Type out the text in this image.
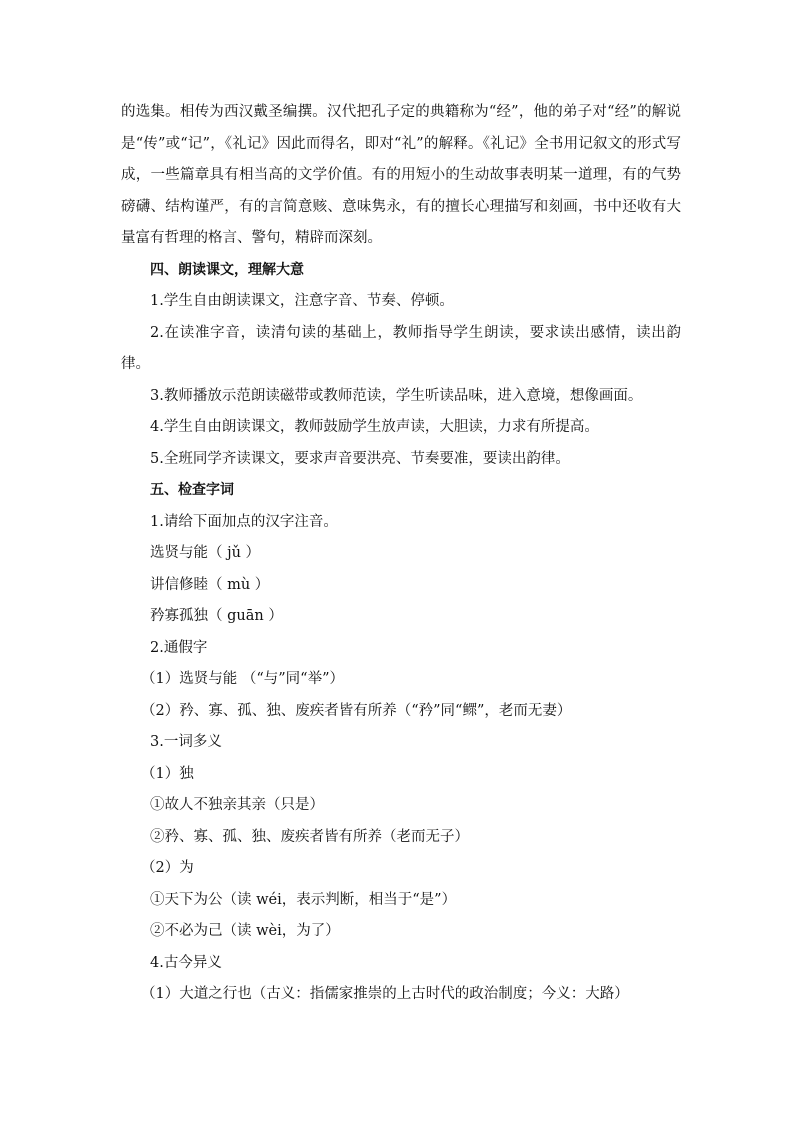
的选集。相传为西汉戴圣编撰。汉代把孔子定的典籍称为“经”，他的弟子对“经”的解说是“传”或“记”，《礼记》因此而得名，即对“礼”的解释。《礼记》全书用记叙文的形式写成，一些篇章具有相当高的文学价值。有的用短小的生动故事表明某一道理，有的气势磅礴、结构谨严，有的言简意赅、意味隽永，有的擅长心理描写和刻画，书中还收有大量富有哲理的格言、警句，精辟而深刻。

四、朗读课文，理解大意

1.学生自由朗读课文，注意字音、节奏、停顿。

2.在读准字音，读清句读的基础上，教师指导学生朗读，要求读出感情，读出韵律。

3.教师播放示范朗读磁带或教师范读，学生听读品味，进入意境，想像画面。

4.学生自由朗读课文，教师鼓励学生放声读，大胆读，力求有所提高。

5.全班同学齐读课文，要求声音要洪亮、节奏要准，要读出韵律。

五、检查字词

1.请给下面加点的汉字注音。

选贤与能（ jǔ ）

讲信修睦（ mù ）

矜寡孤独（ guān ）

2.通假字

（1）选贤与能 （“与”同“举”）

（2）矜、寡、孤、独、废疾者皆有所养（“矜”同“鳏”，老而无妻）

3.一词多义

（1）独

①故人不独亲其亲（只是）

②矜、寡、孤、独、废疾者皆有所养（老而无子）

（2）为

①天下为公（读 wéi，表示判断，相当于“是”）

②不必为己（读 wèi，为了）

4.古今异义

（1）大道之行也（古义：指儒家推崇的上古时代的政治制度；今义：大路）
